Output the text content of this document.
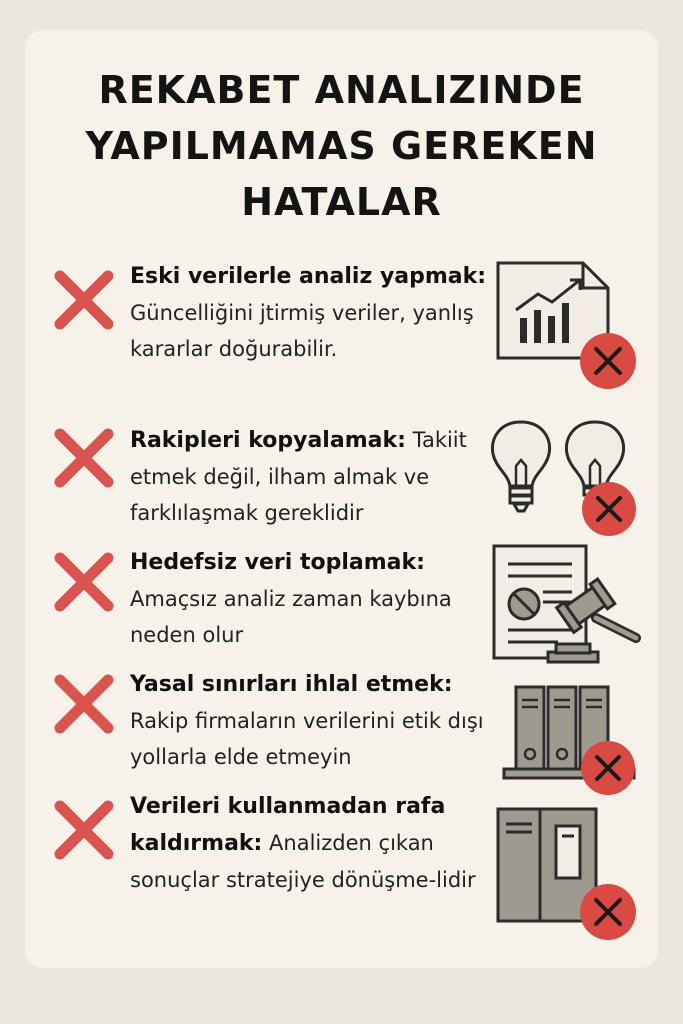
REKABET ANALIZINDE
YAPILMAMAS GEREKEN
HATALAR
Eski verilerle analiz yapmak: Güncelliğini jtirmiş veriler, yanlış kararlar doğurabilir.
Rakipleri kopyalamak: Takiit etmek değil, ilham almak ve farklılaşmak gereklidir
Hedefsiz veri toplamak: Amaçsız analiz zaman kaybına neden olur
Yasal sınırları ihlal etmek: Rakip firmaların verilerini etik dışı yollarla elde etmeyin
Verileri kullanmadan rafa kaldırmak: Analizden çıkan sonuçlar stratejiye dönüşme-lidir
